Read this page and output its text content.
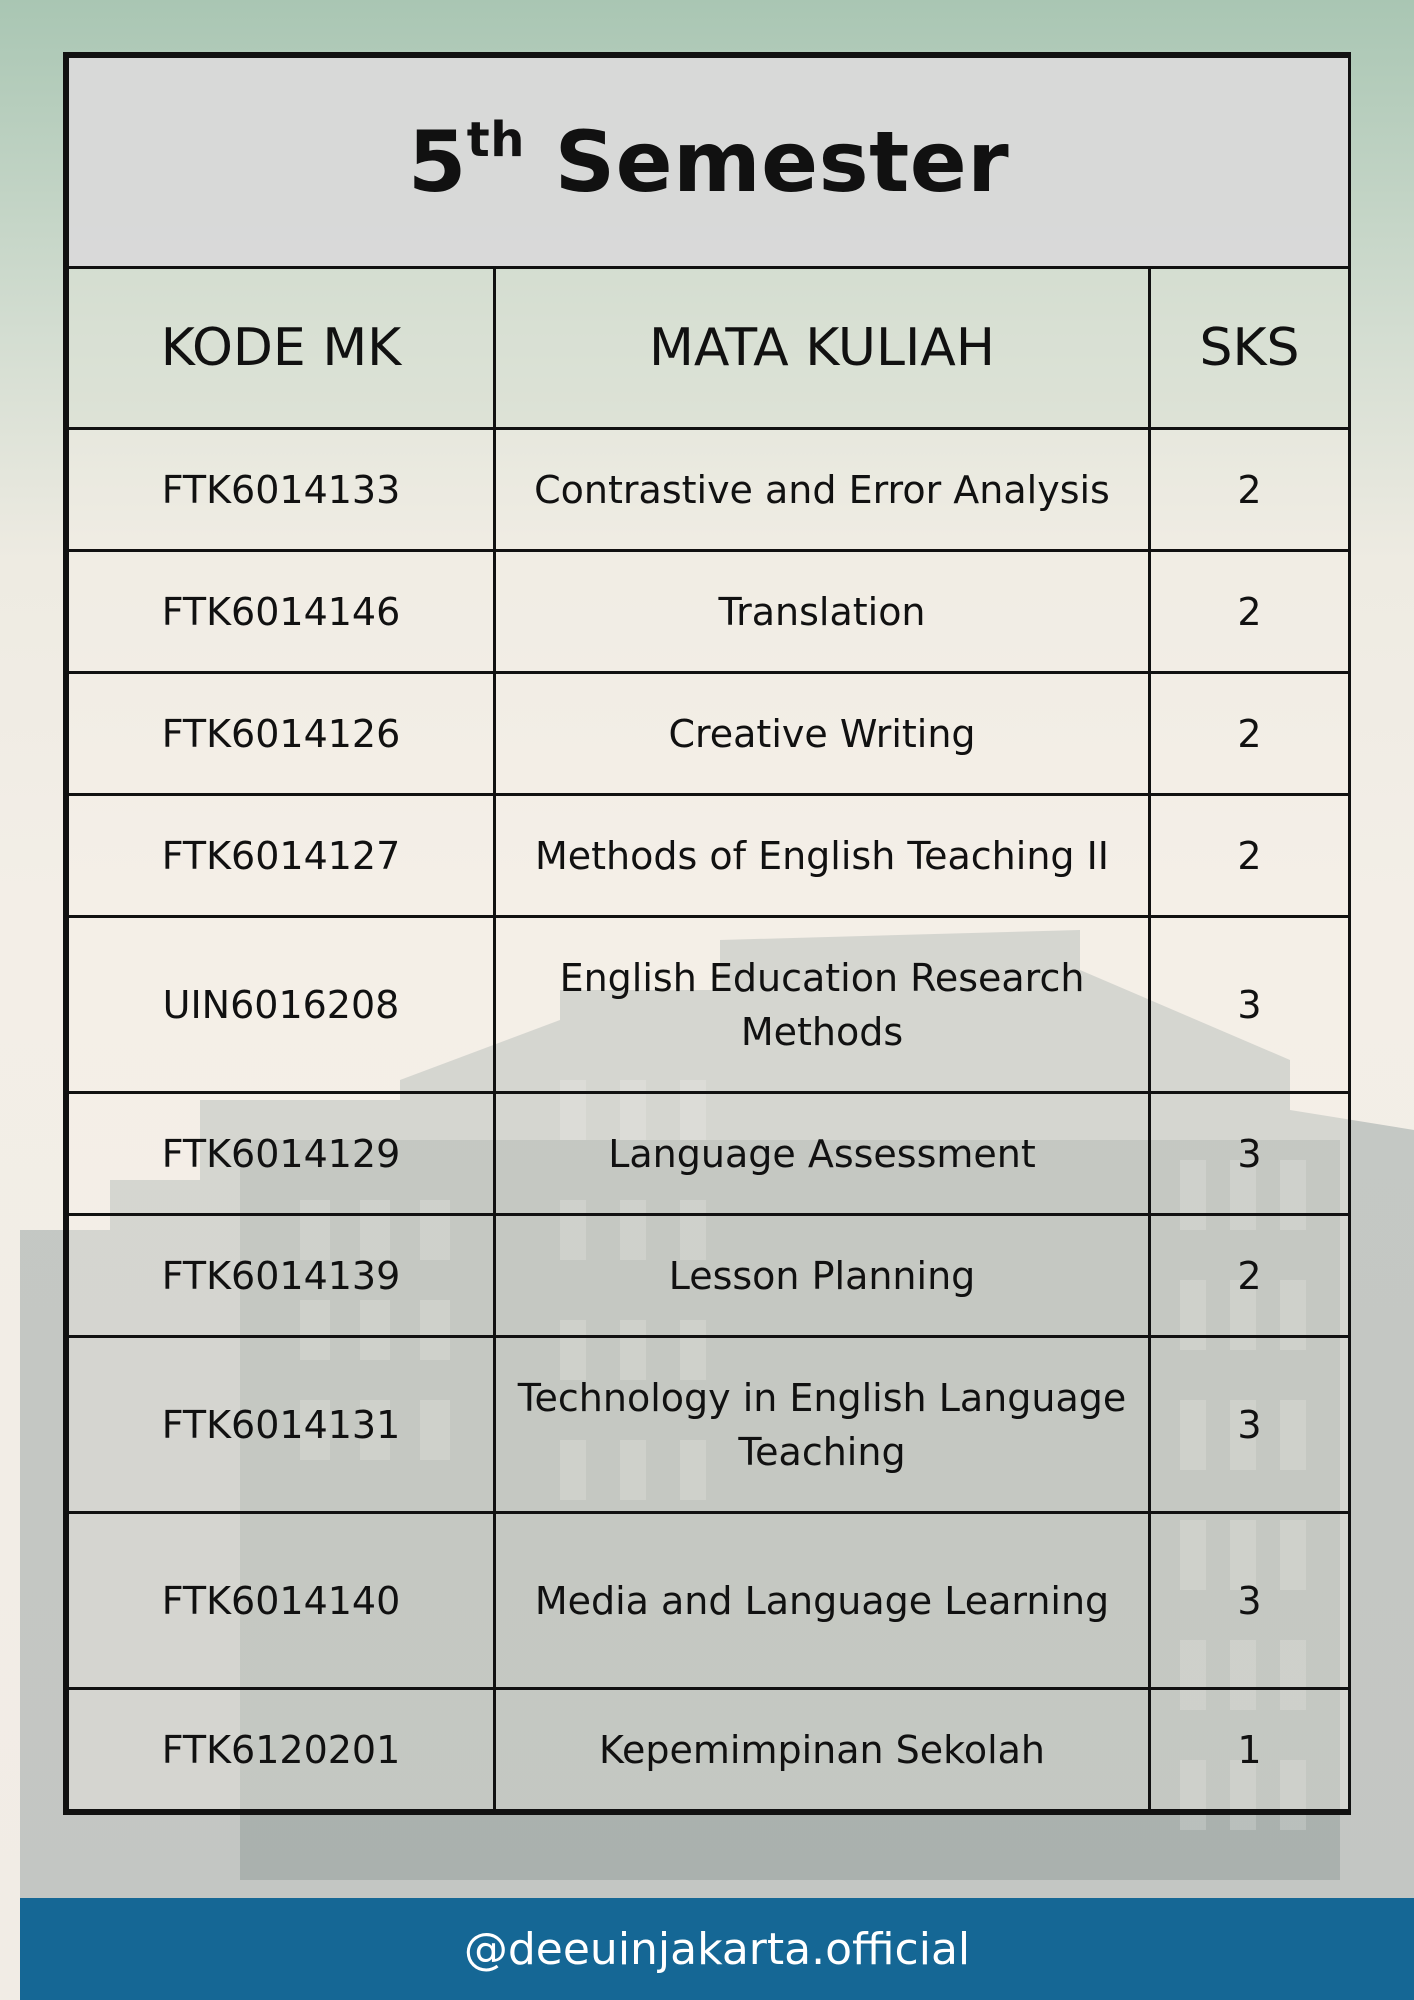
5th Semester		
KODE MK	MATA KULIAH	SKS
FTK6014133	Contrastive and Error Analysis	2
FTK6014146	Translation	2
FTK6014126	Creative Writing	2
FTK6014127	Methods of English Teaching II	2
UIN6016208	English Education Research Methods	3
FTK6014129	Language Assessment	3
FTK6014139	Lesson Planning	2
FTK6014131	Technology in English Language Teaching	3
FTK6014140	Media and Language Learning	3
FTK6120201	Kepemimpinan Sekolah	1
@deeuinjakarta.official
